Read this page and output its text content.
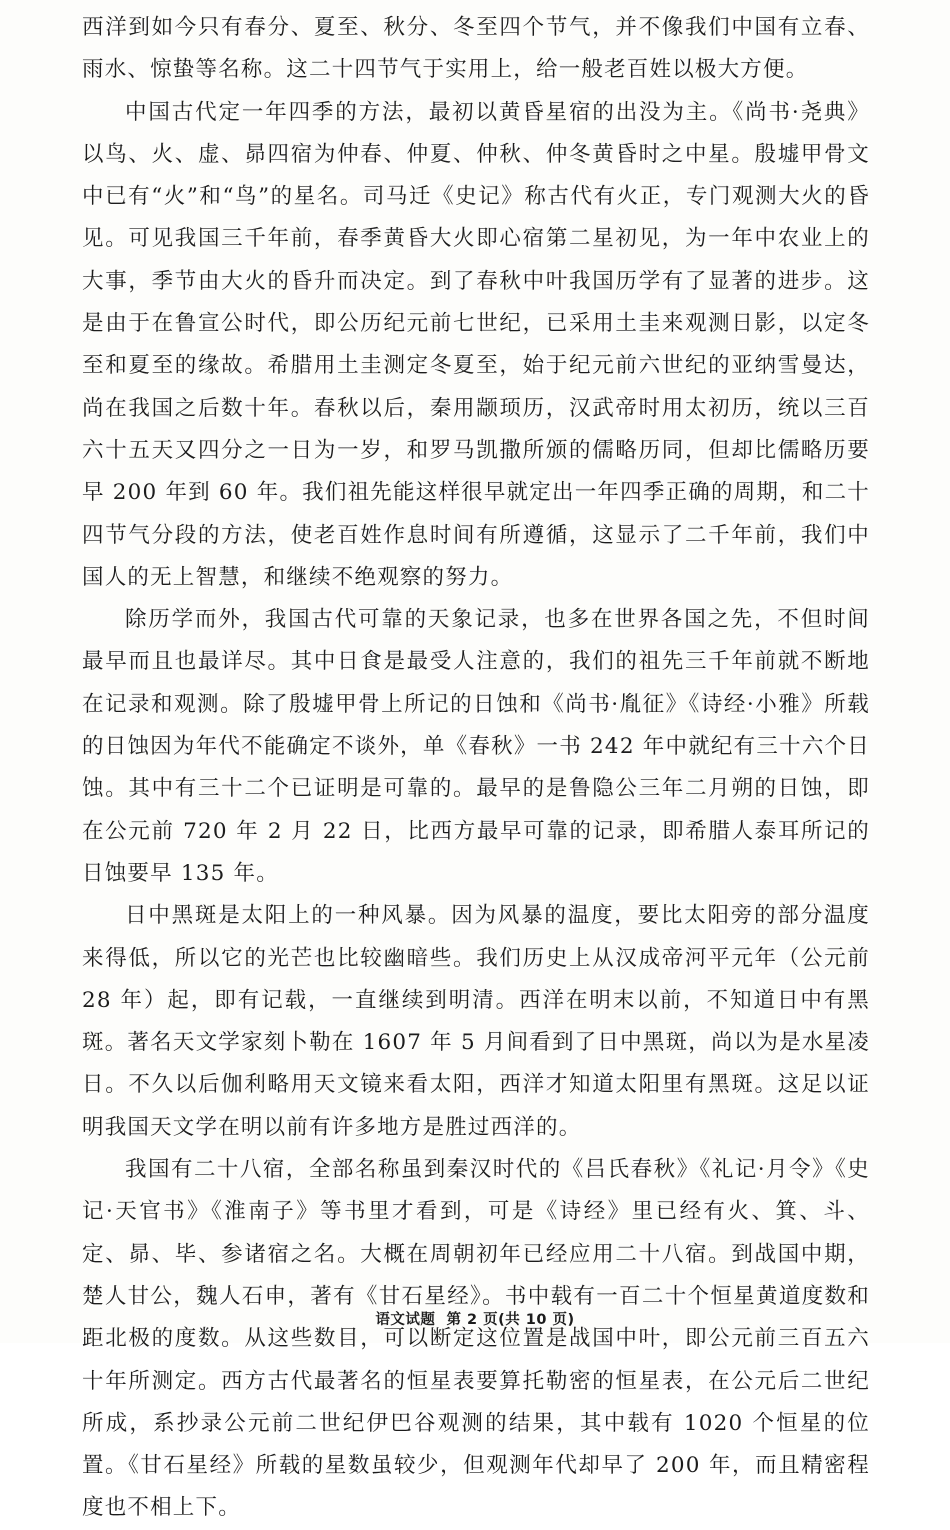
西洋到如今只有春分、夏至、秋分、冬至四个节气，并不像我们中国有立春、雨水、惊蛰等名称。这二十四节气于实用上，给一般老百姓以极大方便。

中国古代定一年四季的方法，最初以黄昏星宿的出没为主。《尚书·尧典》以鸟、火、虚、昴四宿为仲春、仲夏、仲秋、仲冬黄昏时之中星。殷墟甲骨文中已有“火”和“鸟”的星名。司马迁《史记》称古代有火正，专门观测大火的昏见。可见我国三千年前，春季黄昏大火即心宿第二星初见，为一年中农业上的大事，季节由大火的昏升而决定。到了春秋中叶我国历学有了显著的进步。这是由于在鲁宣公时代，即公历纪元前七世纪，已采用土圭来观测日影，以定冬至和夏至的缘故。希腊用土圭测定冬夏至，始于纪元前六世纪的亚纳雪曼达，尚在我国之后数十年。春秋以后，秦用颛顼历，汉武帝时用太初历，统以三百六十五天又四分之一日为一岁，和罗马凯撒所颁的儒略历同，但却比儒略历要早 200 年到 60 年。我们祖先能这样很早就定出一年四季正确的周期，和二十四节气分段的方法，使老百姓作息时间有所遵循，这显示了二千年前，我们中国人的无上智慧，和继续不绝观察的努力。

除历学而外，我国古代可靠的天象记录，也多在世界各国之先，不但时间最早而且也最详尽。其中日食是最受人注意的，我们的祖先三千年前就不断地在记录和观测。除了殷墟甲骨上所记的日蚀和《尚书·胤征》《诗经·小雅》所载的日蚀因为年代不能确定不谈外，单《春秋》一书 242 年中就纪有三十六个日蚀。其中有三十二个已证明是可靠的。最早的是鲁隐公三年二月朔的日蚀，即在公元前 720 年 2 月 22 日，比西方最早可靠的记录，即希腊人泰耳所记的日蚀要早 135 年。

日中黑斑是太阳上的一种风暴。因为风暴的温度，要比太阳旁的部分温度来得低，所以它的光芒也比较幽暗些。我们历史上从汉成帝河平元年（公元前 28 年）起，即有记载，一直继续到明清。西洋在明末以前，不知道日中有黑斑。著名天文学家刻卜勒在 1607 年 5 月间看到了日中黑斑，尚以为是水星凌日。不久以后伽利略用天文镜来看太阳，西洋才知道太阳里有黑斑。这足以证明我国天文学在明以前有许多地方是胜过西洋的。

我国有二十八宿，全部名称虽到秦汉时代的《吕氏春秋》《礼记·月令》《史记·天官书》《淮南子》等书里才看到，可是《诗经》里已经有火、箕、斗、定、昴、毕、参诸宿之名。大概在周朝初年已经应用二十八宿。到战国中期，楚人甘公，魏人石申，著有《甘石星经》。书中载有一百二十个恒星黄道度数和距北极的度数。从这些数目，可以断定这位置是战国中叶，即公元前三百五六十年所测定。西方古代最著名的恒星表要算托勒密的恒星表，在公元后二世纪所成，系抄录公元前二世纪伊巴谷观测的结果，其中载有 1020 个恒星的位置。《甘石星经》所载的星数虽较少，但观测年代却早了 200 年，而且精密程度也不相上下。

语文试题 第 2 页(共 10 页)
